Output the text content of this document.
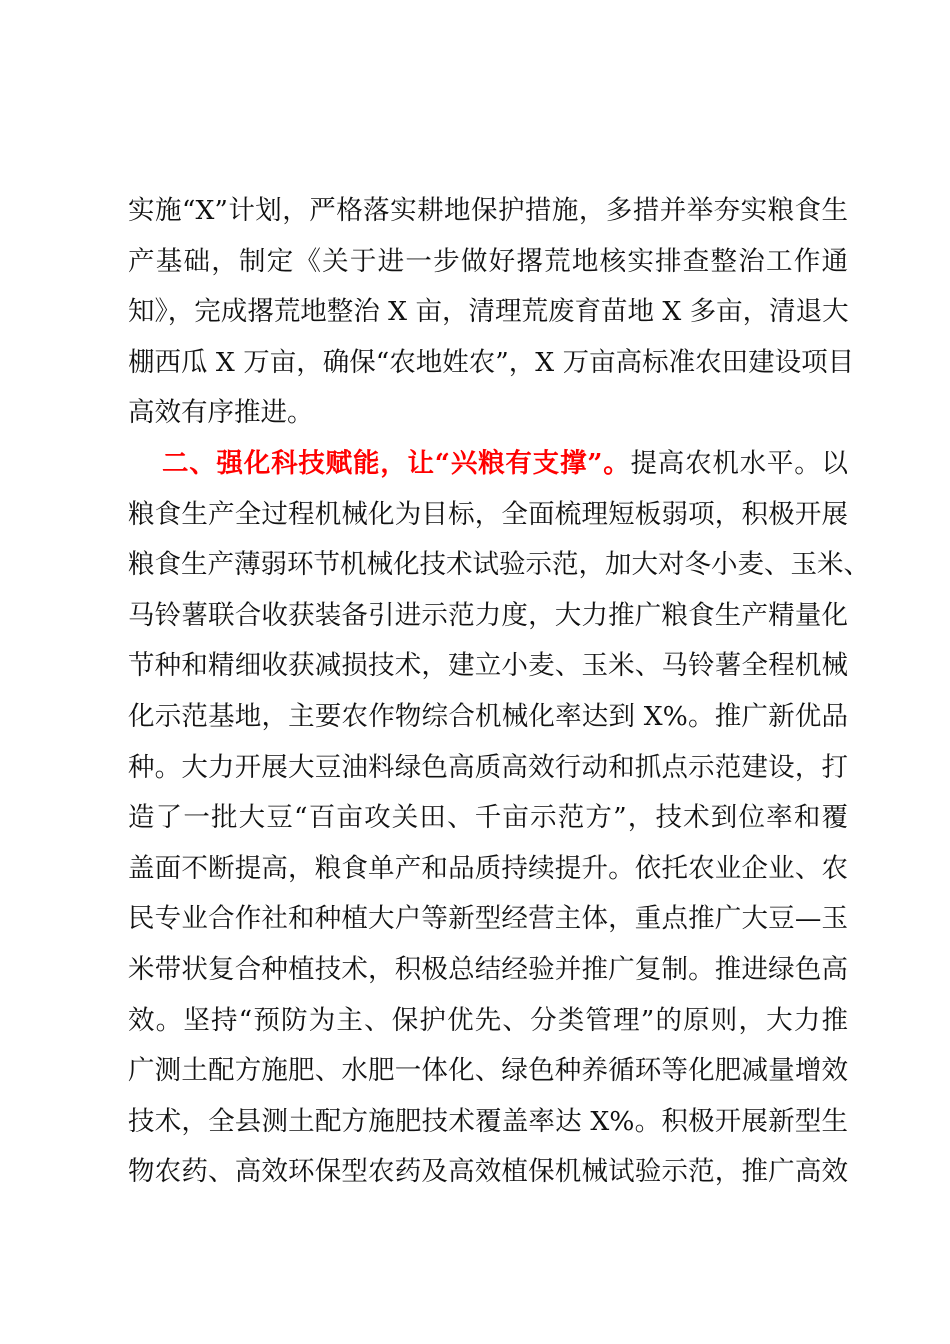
实施“X”计划，严格落实耕地保护措施，多措并举夯实粮食生
产基础，制定《关于进一步做好撂荒地核实排查整治工作通
知》，完成撂荒地整治 X 亩，清理荒废育苗地 X 多亩，清退大
棚西瓜 X 万亩，确保“农地姓农”，X 万亩高标准农田建设项目
高效有序推进。
二、强化科技赋能，让“兴粮有支撑”。提高农机水平。以
粮食生产全过程机械化为目标，全面梳理短板弱项，积极开展
粮食生产薄弱环节机械化技术试验示范，加大对冬小麦、玉米、
马铃薯联合收获装备引进示范力度，大力推广粮食生产精量化
节种和精细收获减损技术，建立小麦、玉米、马铃薯全程机械
化示范基地，主要农作物综合机械化率达到 X%。推广新优品
种。大力开展大豆油料绿色高质高效行动和抓点示范建设，打
造了一批大豆“百亩攻关田、千亩示范方”，技术到位率和覆
盖面不断提高，粮食单产和品质持续提升。依托农业企业、农
民专业合作社和种植大户等新型经营主体，重点推广大豆—玉
米带状复合种植技术，积极总结经验并推广复制。推进绿色高
效。坚持“预防为主、保护优先、分类管理”的原则，大力推
广测土配方施肥、水肥一体化、绿色种养循环等化肥减量增效
技术，全县测土配方施肥技术覆盖率达 X%。积极开展新型生
物农药、高效环保型农药及高效植保机械试验示范，推广高效
